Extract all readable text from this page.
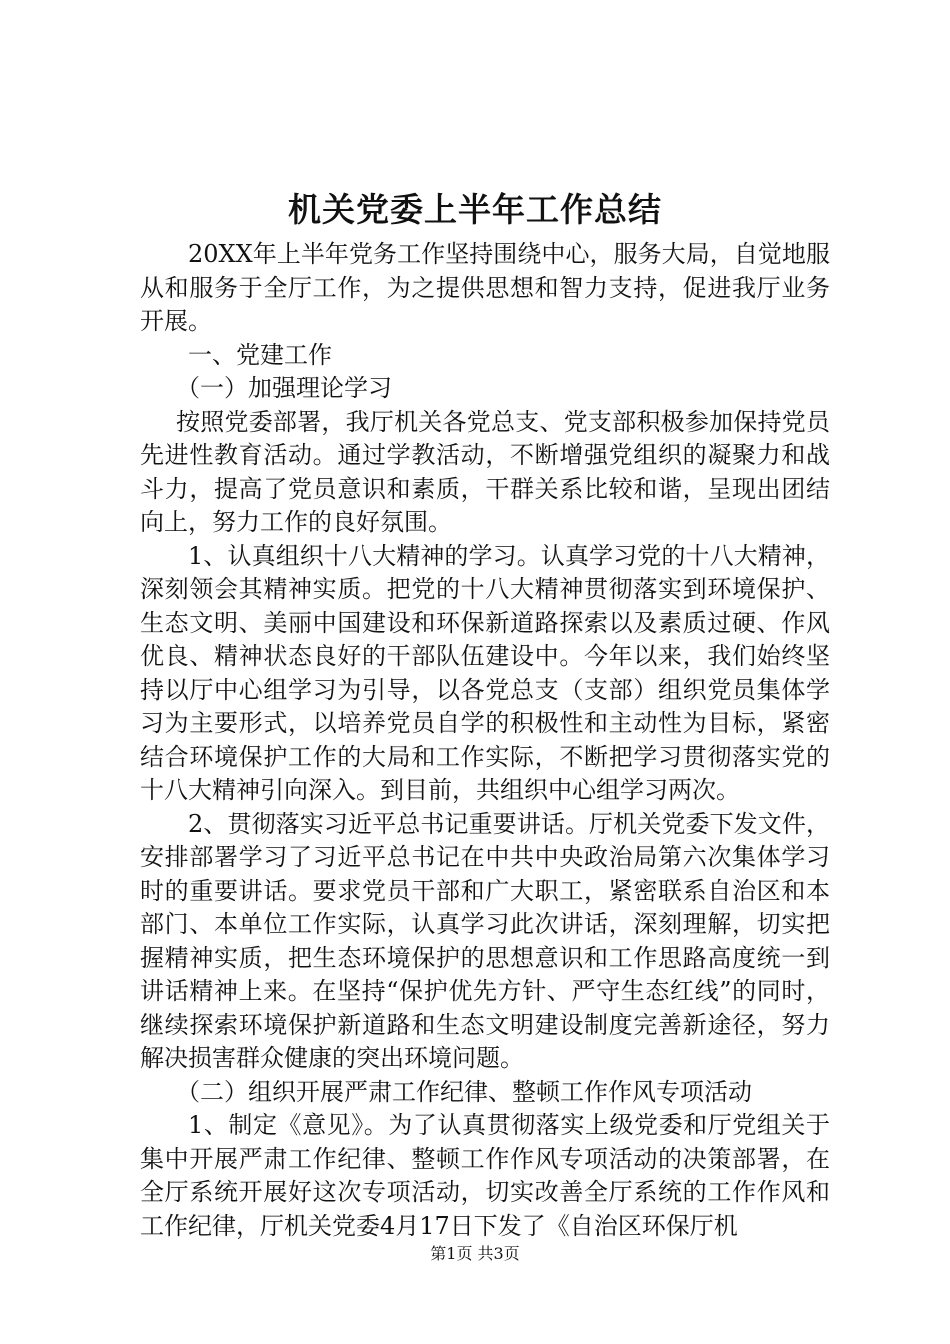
机关党委上半年工作总结

20XX年上半年党务工作坚持围绕中心，服务大局，自觉地服从和服务于全厅工作，为之提供思想和智力支持，促进我厅业务开展。

一、党建工作

（一）加强理论学习

按照党委部署，我厅机关各党总支、党支部积极参加保持党员先进性教育活动。通过学教活动，不断增强党组织的凝聚力和战斗力，提高了党员意识和素质，干群关系比较和谐，呈现出团结向上，努力工作的良好氛围。

1、认真组织十八大精神的学习。认真学习党的十八大精神，深刻领会其精神实质。把党的十八大精神贯彻落实到环境保护、生态文明、美丽中国建设和环保新道路探索以及素质过硬、作风优良、精神状态良好的干部队伍建设中。今年以来，我们始终坚持以厅中心组学习为引导，以各党总支（支部）组织党员集体学习为主要形式，以培养党员自学的积极性和主动性为目标，紧密结合环境保护工作的大局和工作实际，不断把学习贯彻落实党的十八大精神引向深入。到目前，共组织中心组学习两次。

2、贯彻落实习近平总书记重要讲话。厅机关党委下发文件，安排部署学习了习近平总书记在中共中央政治局第六次集体学习时的重要讲话。要求党员干部和广大职工，紧密联系自治区和本部门、本单位工作实际，认真学习此次讲话，深刻理解，切实把握精神实质，把生态环境保护的思想意识和工作思路高度统一到讲话精神上来。在坚持“保护优先方针、严守生态红线”的同时，继续探索环境保护新道路和生态文明建设制度完善新途径，努力解决损害群众健康的突出环境问题。

（二）组织开展严肃工作纪律、整顿工作作风专项活动

1、制定《意见》。为了认真贯彻落实上级党委和厅党组关于集中开展严肃工作纪律、整顿工作作风专项活动的决策部署，在全厅系统开展好这次专项活动，切实改善全厅系统的工作作风和工作纪律，厅机关党委4月17日下发了《自治区环保厅机

第1页 共3页
